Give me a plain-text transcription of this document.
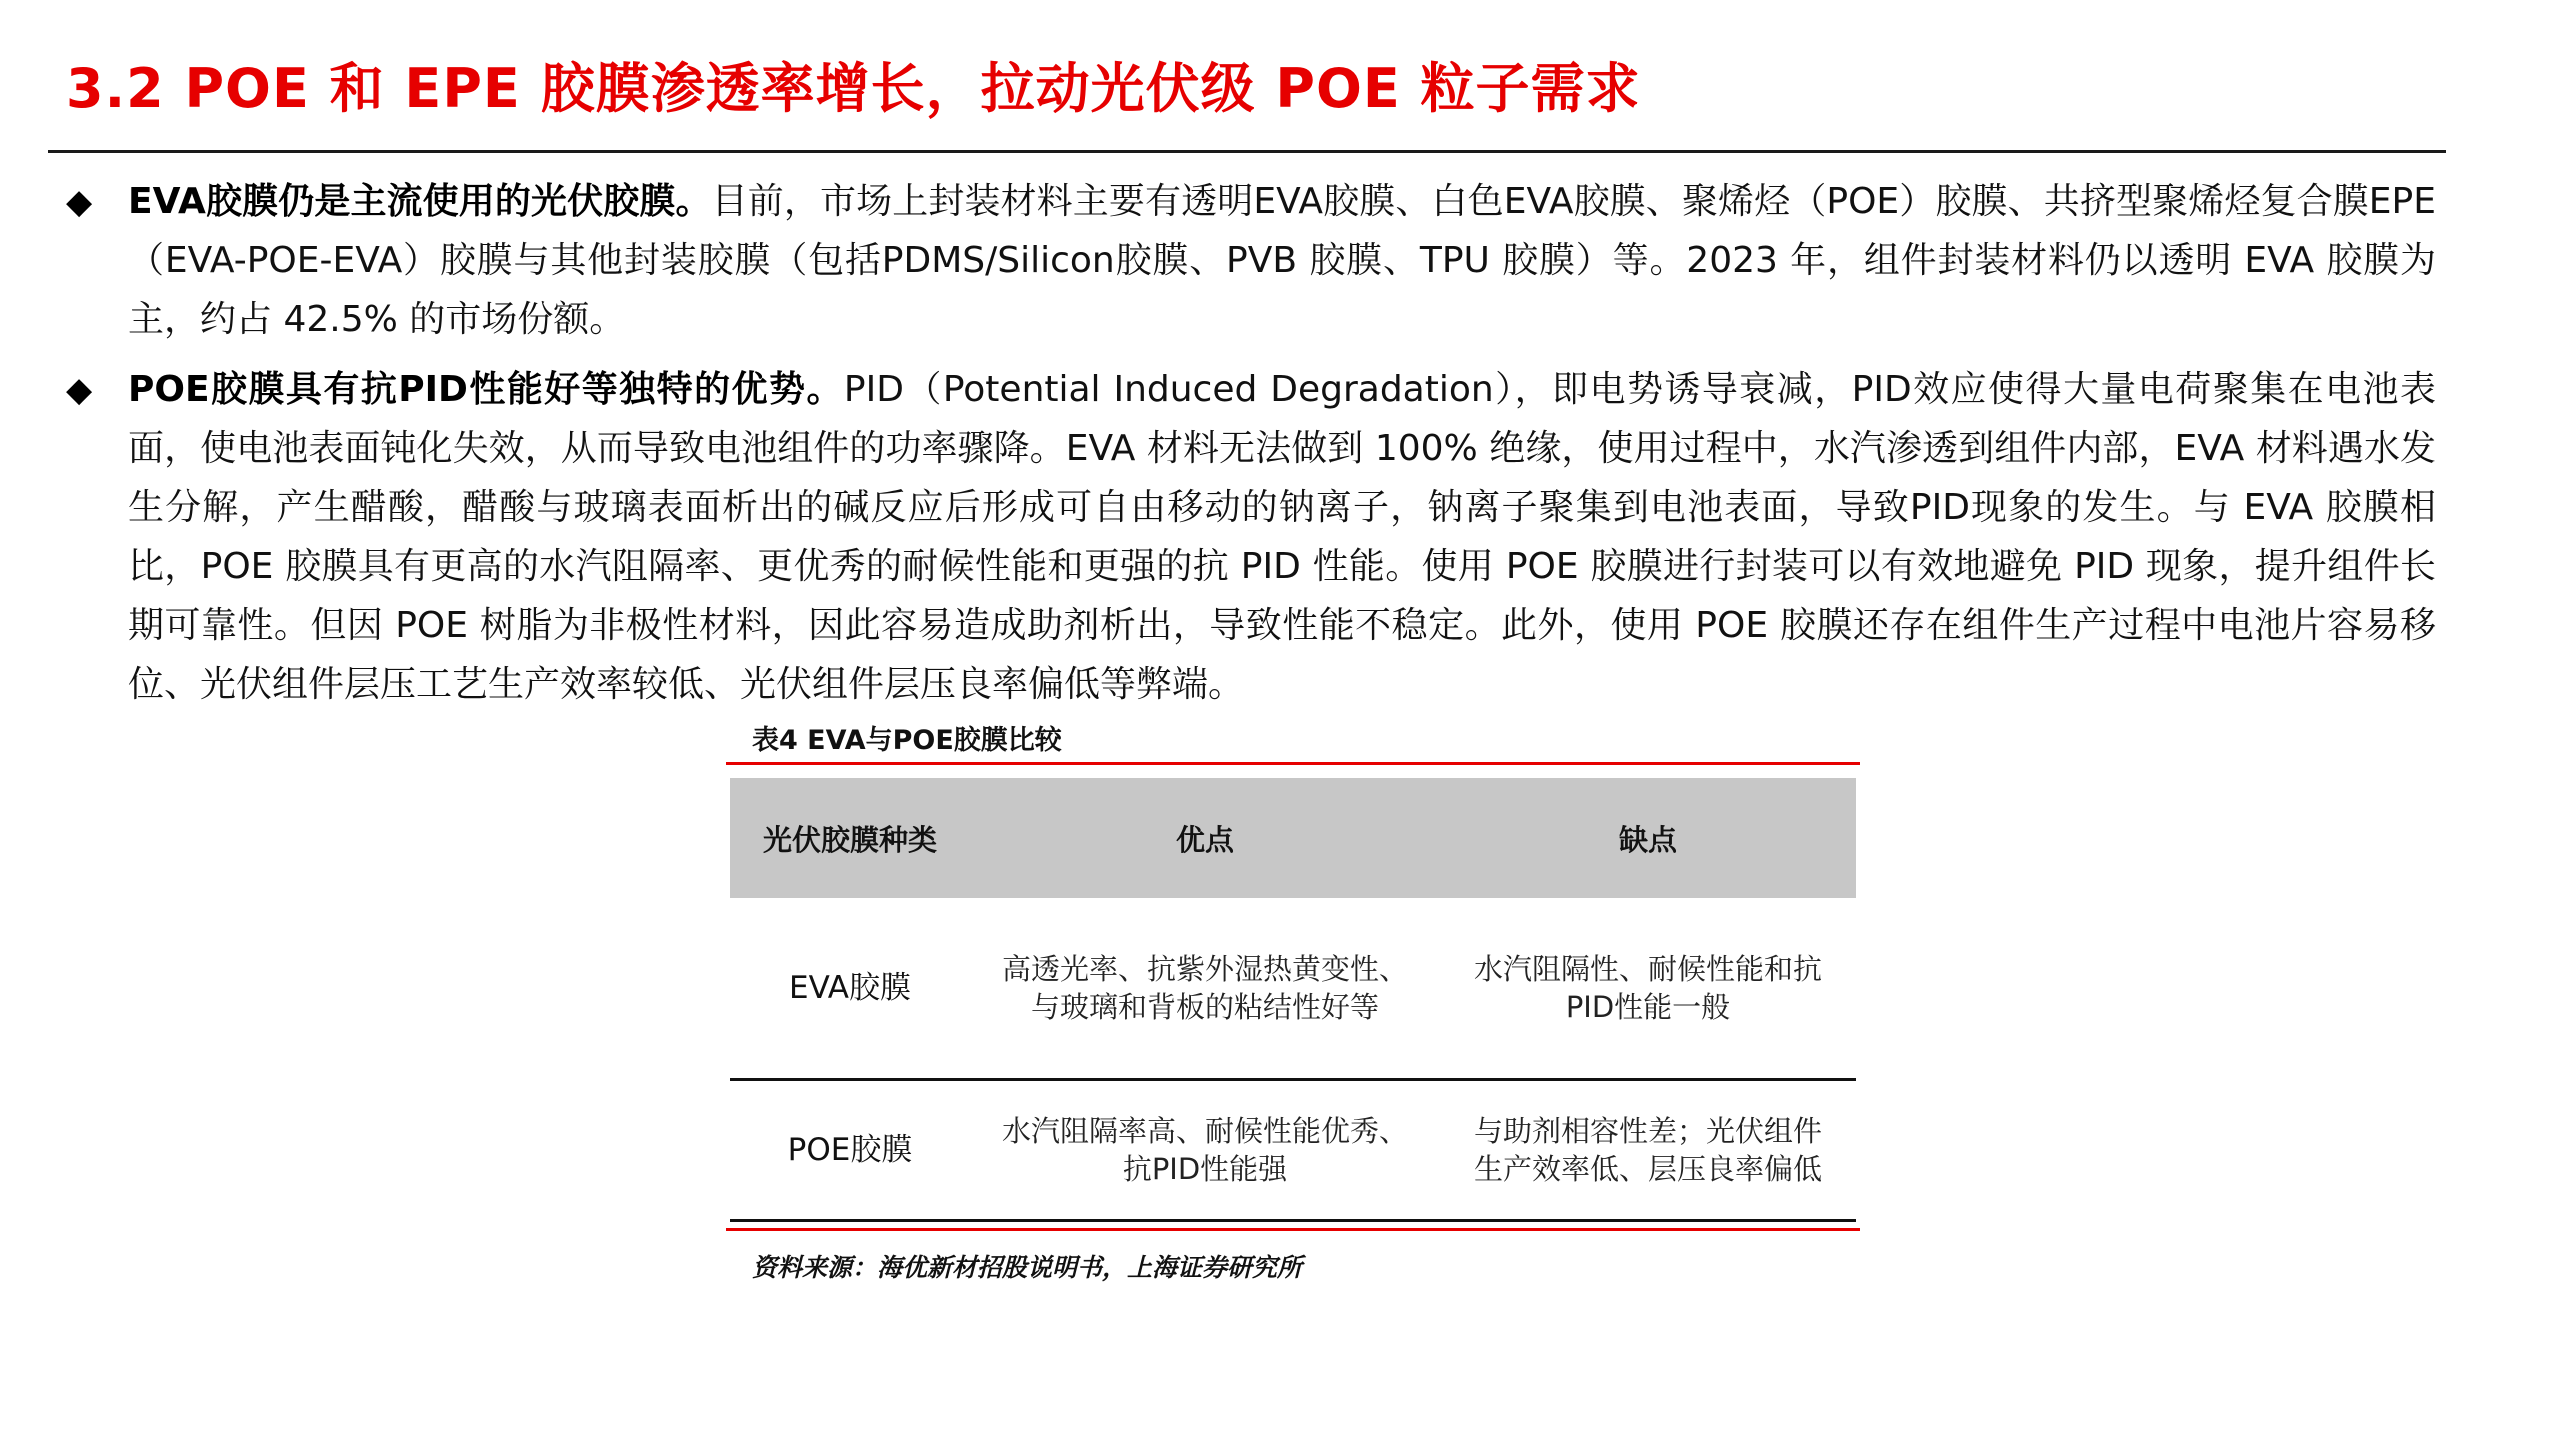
3.2 POE 和 EPE 胶膜渗透率增长，拉动光伏级 POE 粒子需求
◆ EVA胶膜仍是主流使用的光伏胶膜。目前，市场上封装材料主要有透明EVA胶膜、白色EVA胶膜、聚烯烃（POE）胶膜、共挤型聚烯烃复合膜EPE（EVA-POE-EVA）胶膜与其他封装胶膜（包括PDMS/Silicon胶膜、PVB 胶膜、TPU 胶膜）等。2023 年，组件封装材料仍以透明 EVA 胶膜为主，约占 42.5% 的市场份额。
◆ POE胶膜具有抗PID性能好等独特的优势。PID（Potential Induced Degradation），即电势诱导衰减，PID效应使得大量电荷聚集在电池表面，使电池表面钝化失效，从而导致电池组件的功率骤降。EVA 材料无法做到 100% 绝缘，使用过程中，水汽渗透到组件内部，EVA 材料遇水发生分解，产生醋酸，醋酸与玻璃表面析出的碱反应后形成可自由移动的钠离子，钠离子聚集到电池表面，导致PID现象的发生。与 EVA 胶膜相比，POE 胶膜具有更高的水汽阻隔率、更优秀的耐候性能和更强的抗 PID 性能。使用 POE 胶膜进行封装可以有效地避免 PID 现象，提升组件长期可靠性。但因 POE 树脂为非极性材料，因此容易造成助剂析出，导致性能不稳定。此外，使用 POE 胶膜还存在组件生产过程中电池片容易移位、光伏组件层压工艺生产效率较低、光伏组件层压良率偏低等弊端。
表4 EVA与POE胶膜比较
光伏胶膜种类	优点	缺点
EVA胶膜	高透光率、抗紫外湿热黄变性、与玻璃和背板的粘结性好等	水汽阻隔性、耐候性能和抗PID性能一般
POE胶膜	水汽阻隔率高、耐候性能优秀、抗PID性能强	与助剂相容性差；光伏组件生产效率低、层压良率偏低
资料来源：海优新材招股说明书，上海证券研究所
